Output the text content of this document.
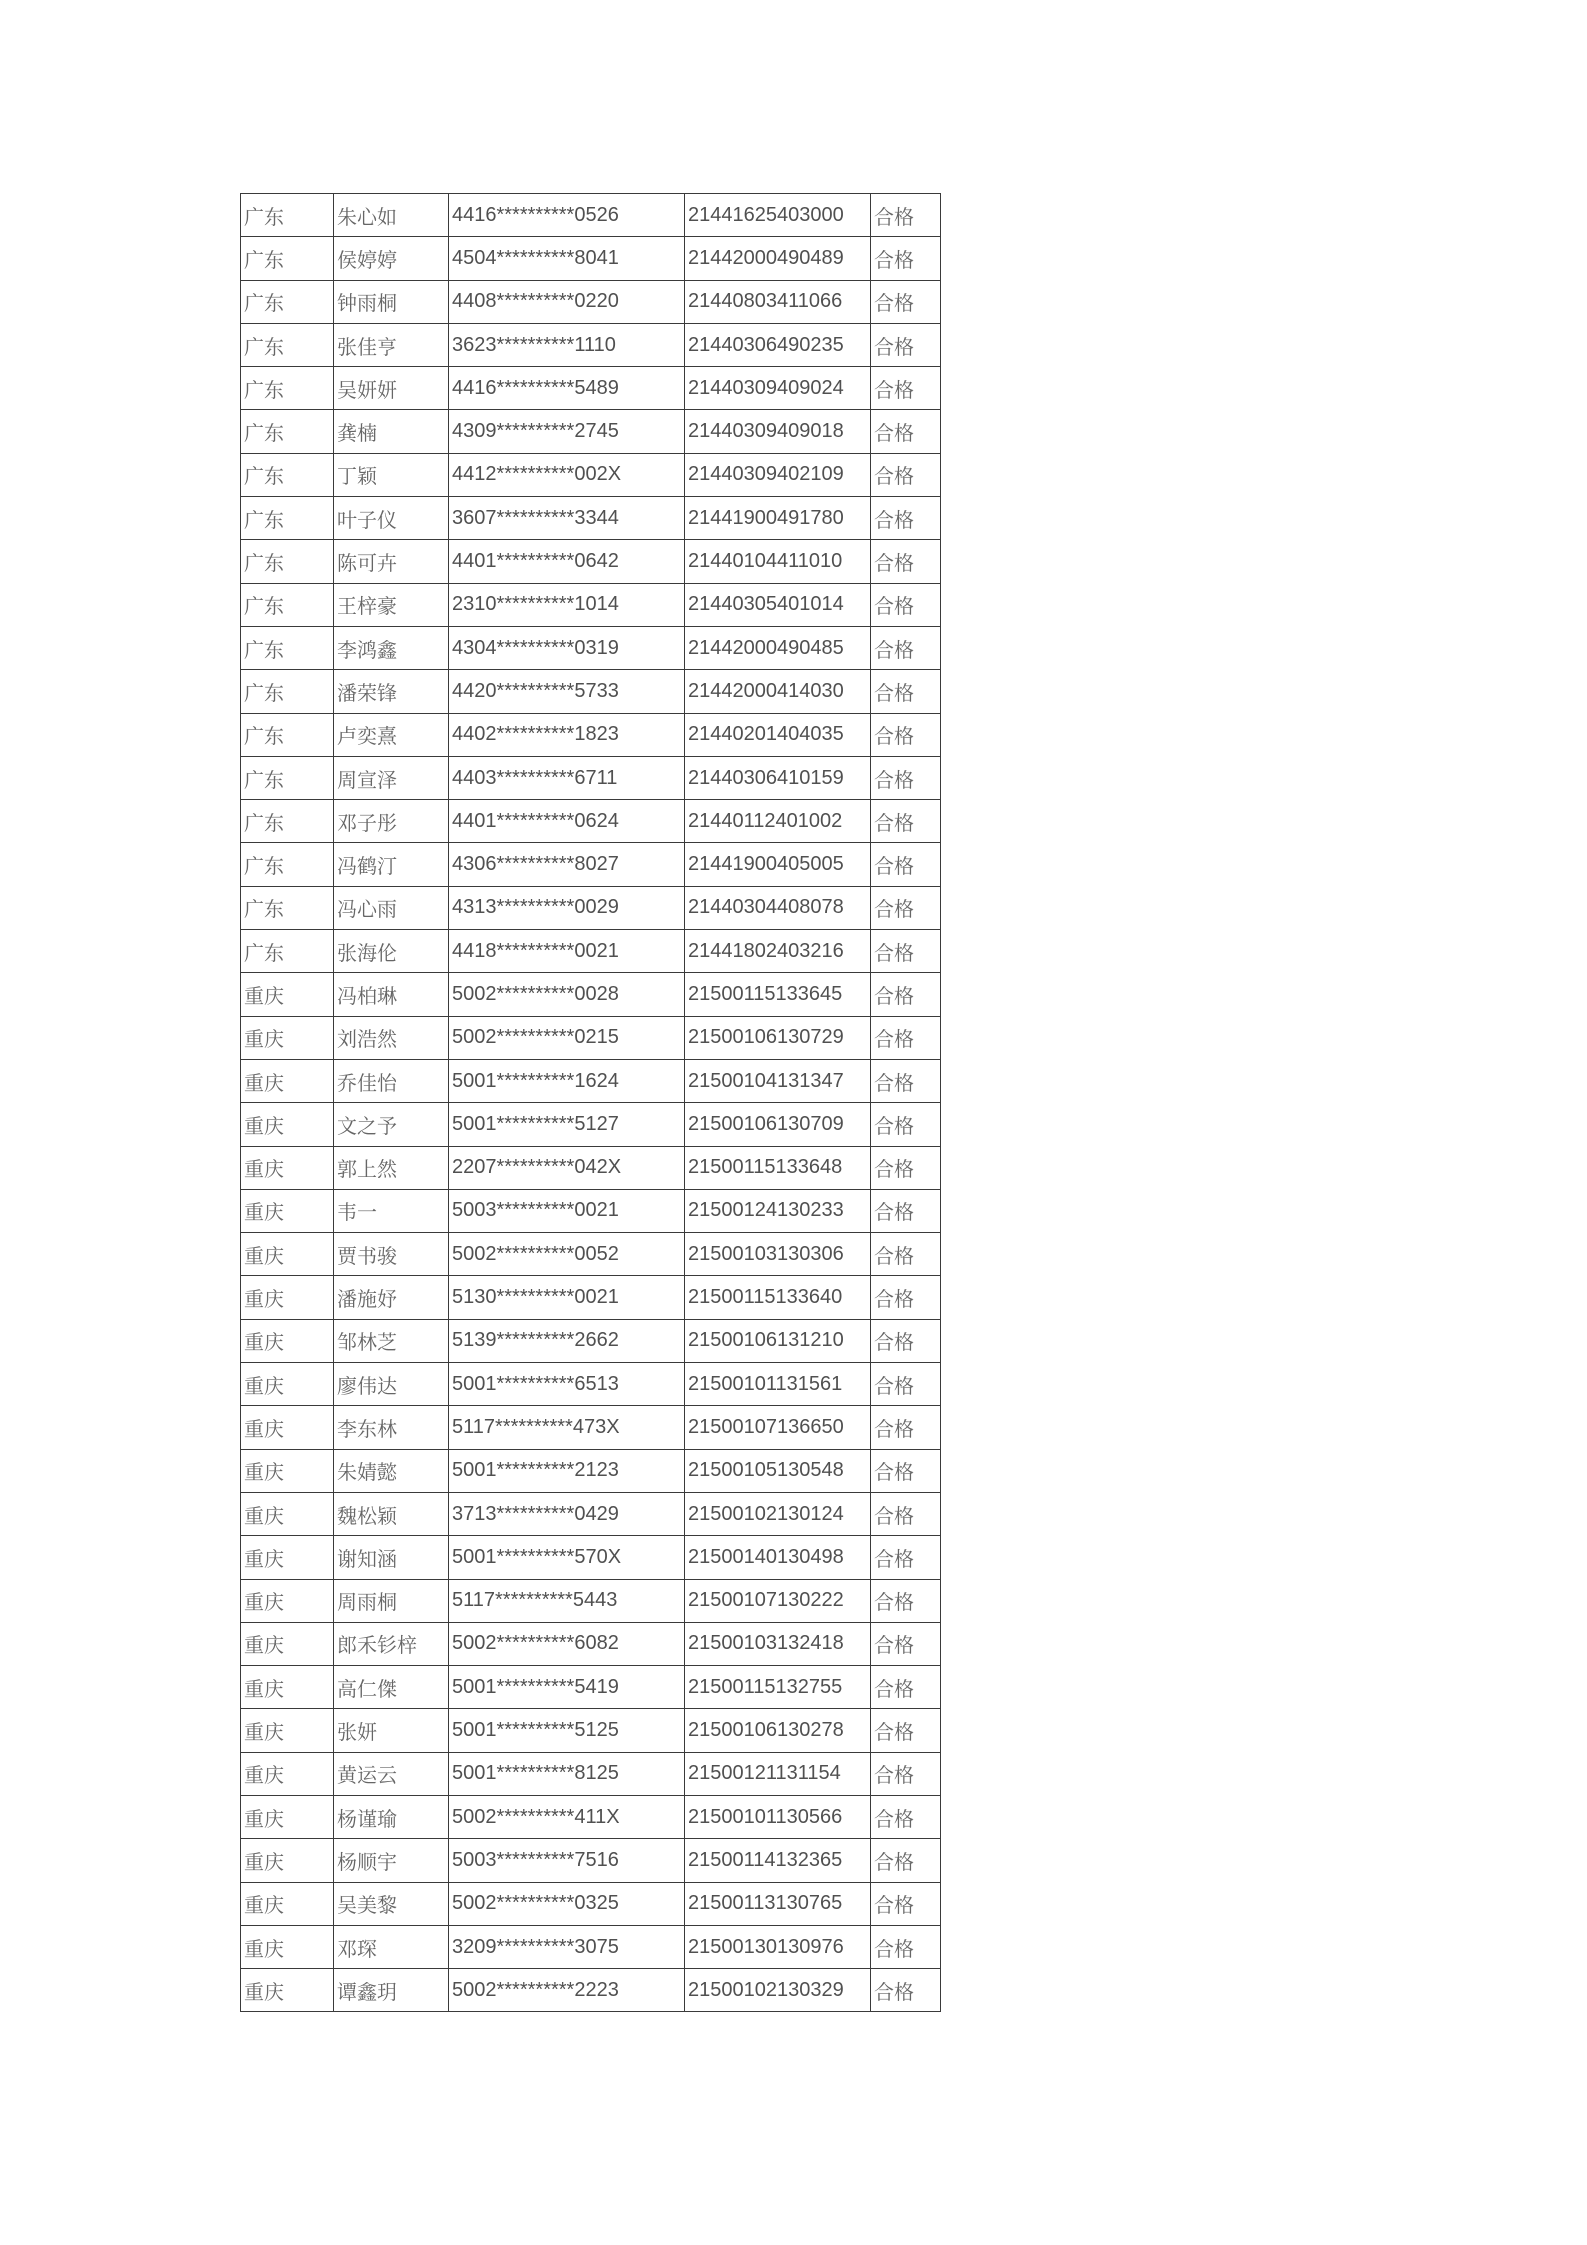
广东	朱心如	4416**********0526	21441625403000	合格
广东	侯婷婷	4504**********8041	21442000490489	合格
广东	钟雨桐	4408**********0220	21440803411066	合格
广东	张佳亨	3623**********1110	21440306490235	合格
广东	吴妍妍	4416**********5489	21440309409024	合格
广东	龚楠	4309**********2745	21440309409018	合格
广东	丁颖	4412**********002X	21440309402109	合格
广东	叶子仪	3607**********3344	21441900491780	合格
广东	陈可卉	4401**********0642	21440104411010	合格
广东	王梓豪	2310**********1014	21440305401014	合格
广东	李鸿鑫	4304**********0319	21442000490485	合格
广东	潘荣锋	4420**********5733	21442000414030	合格
广东	卢奕熹	4402**********1823	21440201404035	合格
广东	周宣泽	4403**********6711	21440306410159	合格
广东	邓子彤	4401**********0624	21440112401002	合格
广东	冯鹤汀	4306**********8027	21441900405005	合格
广东	冯心雨	4313**********0029	21440304408078	合格
广东	张海伦	4418**********0021	21441802403216	合格
重庆	冯柏琳	5002**********0028	21500115133645	合格
重庆	刘浩然	5002**********0215	21500106130729	合格
重庆	乔佳怡	5001**********1624	21500104131347	合格
重庆	文之予	5001**********5127	21500106130709	合格
重庆	郭上然	2207**********042X	21500115133648	合格
重庆	韦一	5003**********0021	21500124130233	合格
重庆	贾书骏	5002**********0052	21500103130306	合格
重庆	潘施妤	5130**********0021	21500115133640	合格
重庆	邹林芝	5139**********2662	21500106131210	合格
重庆	廖伟达	5001**********6513	21500101131561	合格
重庆	李东林	5117**********473X	21500107136650	合格
重庆	朱婧懿	5001**********2123	21500105130548	合格
重庆	魏松颖	3713**********0429	21500102130124	合格
重庆	谢知涵	5001**********570X	21500140130498	合格
重庆	周雨桐	5117**********5443	21500107130222	合格
重庆	郎禾钐梓	5002**********6082	21500103132418	合格
重庆	高仁傑	5001**********5419	21500115132755	合格
重庆	张妍	5001**********5125	21500106130278	合格
重庆	黄运云	5001**********8125	21500121131154	合格
重庆	杨谨瑜	5002**********411X	21500101130566	合格
重庆	杨顺宇	5003**********7516	21500114132365	合格
重庆	吴美黎	5002**********0325	21500113130765	合格
重庆	邓琛	3209**********3075	21500130130976	合格
重庆	谭鑫玥	5002**********2223	21500102130329	合格
